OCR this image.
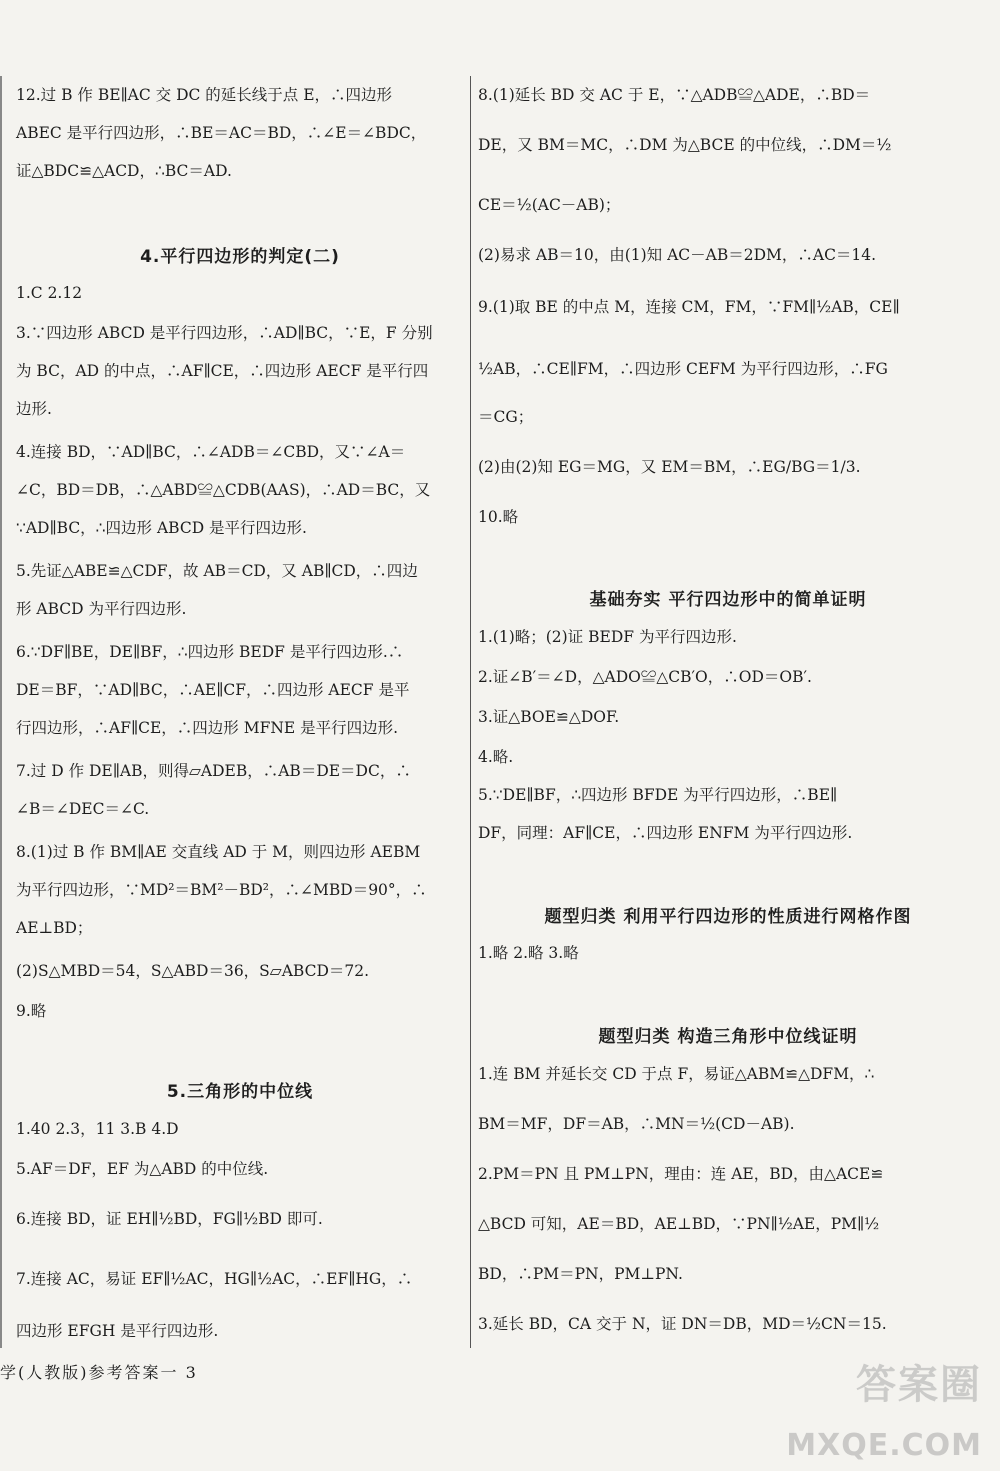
12.过 B 作 BE∥AC 交 DC 的延长线于点 E，∴四边形

ABEC 是平行四边形，∴BE＝AC＝BD，∴∠E＝∠BDC，

证△BDC≌△ACD，∴BC＝AD.

4.平行四边形的判定(二)

1.C 2.12

3.∵四边形 ABCD 是平行四边形，∴AD∥BC，∵E，F 分别

为 BC，AD 的中点，∴AF∥CE，∴四边形 AECF 是平行四

边形.

4.连接 BD，∵AD∥BC，∴∠ADB＝∠CBD，又∵∠A＝

∠C，BD＝DB，∴△ABD≌△CDB(AAS)，∴AD＝BC，又

∵AD∥BC，∴四边形 ABCD 是平行四边形.

5.先证△ABE≌△CDF，故 AB＝CD，又 AB∥CD，∴四边

形 ABCD 为平行四边形.

6.∵DF∥BE，DE∥BF，∴四边形 BEDF 是平行四边形.∴

DE＝BF，∵AD∥BC，∴AE∥CF，∴四边形 AECF 是平

行四边形，∴AF∥CE，∴四边形 MFNE 是平行四边形.

7.过 D 作 DE∥AB，则得▱ADEB，∴AB＝DE＝DC，∴

∠B＝∠DEC＝∠C.

8.(1)过 B 作 BM∥AE 交直线 AD 于 M，则四边形 AEBM

为平行四边形，∵MD²＝BM²－BD²，∴∠MBD＝90°，∴

AE⊥BD；

(2)S△MBD＝54，S△ABD＝36，S▱ABCD＝72.

9.略

5.三角形的中位线

1.40 2.3，11 3.B 4.D

5.AF＝DF，EF 为△ABD 的中位线.

6.连接 BD，证 EH∥½BD，FG∥½BD 即可.

7.连接 AC，易证 EF∥½AC，HG∥½AC，∴EF∥HG，∴

四边形 EFGH 是平行四边形.

8.(1)延长 BD 交 AC 于 E，∵△ADB≌△ADE，∴BD＝

DE，又 BM＝MC，∴DM 为△BCE 的中位线，∴DM＝½

CE＝½(AC－AB)；

(2)易求 AB＝10，由(1)知 AC－AB＝2DM，∴AC＝14.

9.(1)取 BE 的中点 M，连接 CM，FM，∵FM∥½AB，CE∥

½AB，∴CE∥FM，∴四边形 CEFM 为平行四边形，∴FG

＝CG；

(2)由(2)知 EG＝MG，又 EM＝BM，∴EG/BG＝1/3.

10.略

基础夯实 平行四边形中的简单证明

1.(1)略；(2)证 BEDF 为平行四边形.

2.证∠B′＝∠D，△ADO≌△CB′O，∴OD＝OB′.

3.证△BOE≌△DOF.

4.略.

5.∵DE∥BF，∴四边形 BFDE 为平行四边形，∴BE∥

DF，同理：AF∥CE，∴四边形 ENFM 为平行四边形.

题型归类 利用平行四边形的性质进行网格作图

1.略 2.略 3.略

题型归类 构造三角形中位线证明

1.连 BM 并延长交 CD 于点 F，易证△ABM≌△DFM，∴

BM＝MF，DF＝AB，∴MN＝½(CD－AB).

2.PM＝PN 且 PM⊥PN，理由：连 AE，BD，由△ACE≌

△BCD 可知，AE＝BD，AE⊥BD，∵PN∥½AE，PM∥½

BD，∴PM＝PN，PM⊥PN.

3.延长 BD，CA 交于 N，证 DN＝DB，MD＝½CN＝15.

学(人教版)参考答案一 3	答案圈
MXQE.COM
